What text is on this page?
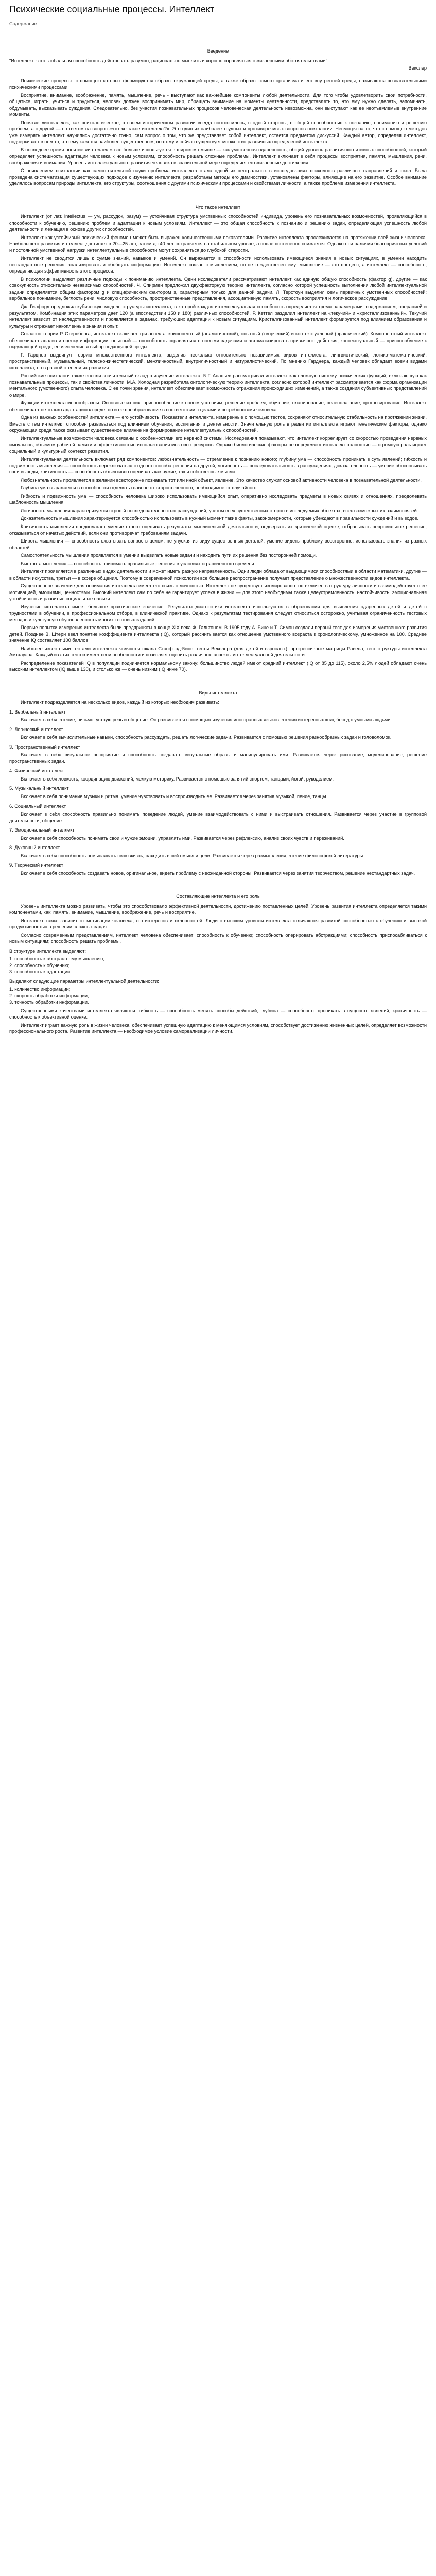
Психические социальные процессы. Интеллект
Содержание
Введение
"Интеллект - это глобальная способность действовать разумно, рационально мыслить и хорошо справляться с жизненными обстоятельствами".
Векслер

Психические процессы, с помощью которых формируются образы окружающей среды, а также образы самого организма и его внутренней среды, называются познавательными психическими процессами.

Восприятие, внимание, воображение, память, мышление, речь - выступают как важнейшие компоненты любой деятельности. Для того чтобы удовлетворить свои потребности, общаться, играть, учиться и трудиться, человек должен воспринимать мир, обращать внимание на моменты деятельности, представлять то, что ему нужно сделать, запоминать, обдумывать, высказывать суждения. Следовательно, без участия познавательных процессов человеческая деятельность невозможна, они выступают как ее неотъемлемые внутренние моменты.

Понятие «интеллект», как психологическое, в своем историческом развитии всегда соотносилось, с одной стороны, с общей способностью к познанию, пониманию и решению проблем, а с другой — с ответом на вопрос «что же такое интеллект?». Это один из наиболее трудных и противоречивых вопросов психологии. Несмотря на то, что с помощью методов уже измерять интеллект научились достаточно точно, сам вопрос о том, что же представляет собой интеллект, остается предметом дискуссий. Каждый автор, определяя интеллект, подчеркивает в нем то, что ему кажется наиболее существенным, поэтому и сейчас существует множество различных определений интеллекта.

В последнее время понятие «интеллект» все больше используется в широком смысле — как умственная одаренность, общий уровень развития когнитивных способностей, который определяет успешность адаптации человека к новым условиям, способность решать сложные проблемы. Интеллект включает в себя процессы восприятия, памяти, мышления, речи, воображения и внимания. Уровень интеллектуального развития человека в значительной мере определяет его жизненные достижения.

С появлением психологии как самостоятельной науки проблема интеллекта стала одной из центральных в исследованиях психологов различных направлений и школ. Была проведена систематизация существующих подходов к изучению интеллекта, разработаны методы его диагностики, установлены факторы, влияющие на его развитие. Особое внимание уделялось вопросам природы интеллекта, его структуры, соотношения с другими психическими процессами и свойствами личности, а также проблеме измерения интеллекта.

Что такое интеллект

Интеллект (от лат. intellectus — ум, рассудок, разум) — устойчивая структура умственных способностей индивида, уровень его познавательных возможностей, проявляющийся в способности к обучению, решению проблем и адаптации к новым условиям. Интеллект — это общая способность к познанию и решению задач, определяющая успешность любой деятельности и лежащая в основе других способностей.

Интеллект как устойчивый психический феномен может быть выражен количественными показателями. Развитие интеллекта прослеживается на протяжении всей жизни человека. Наибольшего развития интеллект достигает в 20—25 лет, затем до 40 лет сохраняется на стабильном уровне, а после постепенно снижается. Однако при наличии благоприятных условий и постоянной умственной нагрузки интеллектуальные способности могут сохраняться до глубокой старости.

Интеллект не сводится лишь к сумме знаний, навыков и умений. Он выражается в способности использовать имеющиеся знания в новых ситуациях, в умении находить нестандартные решения, анализировать и обобщать информацию. Интеллект связан с мышлением, но не тождественен ему: мышление — это процесс, а интеллект — способность, определяющая эффективность этого процесса.

В психологии выделяют различные подходы к пониманию интеллекта. Одни исследователи рассматривают интеллект как единую общую способность (фактор g), другие — как совокупность относительно независимых способностей. Ч. Спирмен предложил двухфакторную теорию интеллекта, согласно которой успешность выполнения любой интеллектуальной задачи определяется общим фактором g и специфическим фактором s, характерным только для данной задачи. Л. Терстоун выделил семь первичных умственных способностей: вербальное понимание, беглость речи, числовую способность, пространственные представления, ассоциативную память, скорость восприятия и логическое рассуждение.

Дж. Гилфорд предложил кубическую модель структуры интеллекта, в которой каждая интеллектуальная способность определяется тремя параметрами: содержанием, операцией и результатом. Комбинация этих параметров дает 120 (а впоследствии 150 и 180) различных способностей. Р. Кеттел разделил интеллект на «текучий» и «кристаллизованный». Текучий интеллект зависит от наследственности и проявляется в задачах, требующих адаптации к новым ситуациям. Кристаллизованный интеллект формируется под влиянием образования и культуры и отражает накопленные знания и опыт.

Согласно теории Р. Стернберга, интеллект включает три аспекта: компонентный (аналитический), опытный (творческий) и контекстуальный (практический). Компонентный интеллект обеспечивает анализ и оценку информации, опытный — способность справляться с новыми задачами и автоматизировать привычные действия, контекстуальный — приспособление к окружающей среде, ее изменение и выбор подходящей среды.

Г. Гарднер выдвинул теорию множественного интеллекта, выделив несколько относительно независимых видов интеллекта: лингвистический, логико-математический, пространственный, музыкальный, телесно-кинестетический, межличностный, внутриличностный и натуралистический. По мнению Гарднера, каждый человек обладает всеми видами интеллекта, но в разной степени их развития.

Российские психологи также внесли значительный вклад в изучение интеллекта. Б.Г. Ананьев рассматривал интеллект как сложную систему психических функций, включающую как познавательные процессы, так и свойства личности. М.А. Холодная разработала онтологическую теорию интеллекта, согласно которой интеллект рассматривается как форма организации ментального (умственного) опыта человека. С ее точки зрения, интеллект обеспечивает возможность отражения происходящих изменений, а также создания субъективных представлений о мире.

Функции интеллекта многообразны. Основные из них: приспособление к новым условиям, решение проблем, обучение, планирование, целеполагание, прогнозирование. Интеллект обеспечивает не только адаптацию к среде, но и ее преобразование в соответствии с целями и потребностями человека.

Одна из важных особенностей интеллекта — его устойчивость. Показатели интеллекта, измеренные с помощью тестов, сохраняют относительную стабильность на протяжении жизни. Вместе с тем интеллект способен развиваться под влиянием обучения, воспитания и деятельности. Значительную роль в развитии интеллекта играют генетические факторы, однако окружающая среда также оказывает существенное влияние на формирование интеллектуальных способностей.

Интеллектуальные возможности человека связаны с особенностями его нервной системы. Исследования показывают, что интеллект коррелирует со скоростью проведения нервных импульсов, объемом рабочей памяти и эффективностью использования мозговых ресурсов. Однако биологические факторы не определяют интеллект полностью — огромную роль играет социальный и культурный контекст развития.

Интеллектуальная деятельность включает ряд компонентов: любознательность — стремление к познанию нового; глубину ума — способность проникать в суть явлений; гибкость и подвижность мышления — способность переключаться с одного способа решения на другой; логичность — последовательность в рассуждениях; доказательность — умение обосновывать свои выводы; критичность — способность объективно оценивать как чужие, так и собственные мысли.

Любознательность проявляется в желании всесторонне познавать тот или иной объект, явление. Это качество служит основой активности человека в познавательной деятельности.

Глубина ума выражается в способности отделять главное от второстепенного, необходимое от случайного.

Гибкость и подвижность ума — способность человека широко использовать имеющийся опыт, оперативно исследовать предметы в новых связях и отношениях, преодолевать шаблонность мышления.

Логичность мышления характеризуется строгой последовательностью рассуждений, учетом всех существенных сторон в исследуемых объектах, всех возможных их взаимосвязей.

Доказательность мышления характеризуется способностью использовать в нужный момент такие факты, закономерности, которые убеждают в правильности суждений и выводов.

Критичность мышления предполагает умение строго оценивать результаты мыслительной деятельности, подвергать их критической оценке, отбрасывать неправильное решение, отказываться от начатых действий, если они противоречат требованиям задачи.

Широта мышления — способность охватывать вопрос в целом, не упуская из виду существенных деталей, умение видеть проблему всесторонне, использовать знания из разных областей.

Самостоятельность мышления проявляется в умении выдвигать новые задачи и находить пути их решения без посторонней помощи.

Быстрота мышления — способность принимать правильные решения в условиях ограниченного времени.

Интеллект проявляется в различных видах деятельности и может иметь разную направленность. Одни люди обладают выдающимися способностями в области математики, другие — в области искусства, третьи — в сфере общения. Поэтому в современной психологии все большее распространение получает представление о множественности видов интеллекта.

Существенное значение для понимания интеллекта имеет его связь с личностью. Интеллект не существует изолированно: он включен в структуру личности и взаимодействует с ее мотивацией, эмоциями, ценностями. Высокий интеллект сам по себе не гарантирует успеха в жизни — для этого необходимы также целеустремленность, настойчивость, эмоциональная устойчивость и развитые социальные навыки.

Изучение интеллекта имеет большое практическое значение. Результаты диагностики интеллекта используются в образовании для выявления одаренных детей и детей с трудностями в обучении, в профессиональном отборе, в клинической практике. Однако к результатам тестирования следует относиться осторожно, учитывая ограниченность тестовых методов и культурную обусловленность многих тестовых заданий.

Первые попытки измерения интеллекта были предприняты в конце XIX века Ф. Гальтоном. В 1905 году А. Бине и Т. Симон создали первый тест для измерения умственного развития детей. Позднее В. Штерн ввел понятие коэффициента интеллекта (IQ), который рассчитывается как отношение умственного возраста к хронологическому, умноженное на 100. Среднее значение IQ составляет 100 баллов.

Наиболее известными тестами интеллекта являются шкала Стэнфорд-Бине, тесты Векслера (для детей и взрослых), прогрессивные матрицы Равена, тест структуры интеллекта Амтхауэра. Каждый из этих тестов имеет свои особенности и позволяет оценить различные аспекты интеллектуальной деятельности.

Распределение показателей IQ в популяции подчиняется нормальному закону: большинство людей имеют средний интеллект (IQ от 85 до 115), около 2,5% людей обладают очень высоким интеллектом (IQ выше 130), и столько же — очень низким (IQ ниже 70).

Виды интеллекта

Интеллект подразделяется на несколько видов, каждый из которых необходим развивать:

1. Вербальный интеллект

Включает в себя: чтение, письмо, устную речь и общение. Он развивается с помощью изучения иностранных языков, чтения интересных книг, бесед с умными людьми.

2. Логический интеллект

Включает в себя вычислительные навыки, способность рассуждать, решать логические задачи. Развивается с помощью решения разнообразных задач и головоломок.

3. Пространственный интеллект

Включает в себя визуальное восприятие и способность создавать визуальные образы и манипулировать ими. Развивается через рисование, моделирование, решение пространственных задач.

4. Физический интеллект

Включает в себя ловкость, координацию движений, мелкую моторику. Развивается с помощью занятий спортом, танцами, йогой, рукоделием.

5. Музыкальный интеллект

Включает в себя понимание музыки и ритма, умение чувствовать и воспроизводить ее. Развивается через занятия музыкой, пение, танцы.

6. Социальный интеллект

Включает в себя способность правильно понимать поведение людей, умение взаимодействовать с ними и выстраивать отношения. Развивается через участие в групповой деятельности, общение.

7. Эмоциональный интеллект

Включает в себя способность понимать свои и чужие эмоции, управлять ими. Развивается через рефлексию, анализ своих чувств и переживаний.

8. Духовный интеллект

Включает в себя способность осмысливать свою жизнь, находить в ней смысл и цели. Развивается через размышления, чтение философской литературы.

9. Творческий интеллект

Включает в себя способность создавать новое, оригинальное, видеть проблему с неожиданной стороны. Развивается через занятия творчеством, решение нестандартных задач.

Составляющие интеллекта и его роль

Уровень интеллекта можно развивать, чтобы это способствовало эффективной деятельности, достижению поставленных целей. Уровень развития интеллекта определяется такими компонентами, как: память, внимание, мышление, воображение, речь и восприятие.

Интеллект также зависит от мотивации человека, его интересов и склонностей. Люди с высоким уровнем интеллекта отличаются развитой способностью к обучению и высокой продуктивностью в решении сложных задач.

Согласно современным представлениям, интеллект человека обеспечивает: способность к обучению; способность оперировать абстракциями; способность приспосабливаться к новым ситуациям; способность решать проблемы.

В структуре интеллекта выделяют:

1. способность к абстрактному мышлению;
2. способность к обучению;
3. способность к адаптации.

Выделяют следующие параметры интеллектуальной деятельности:

1. количество информации;
2. скорость обработки информации;
3. точность обработки информации.

Существенными качествами интеллекта являются: гибкость — способность менять способы действий; глубина — способность проникать в сущность явлений; критичность — способность к объективной оценке.

Интеллект играет важную роль в жизни человека: обеспечивает успешную адаптацию к меняющимся условиям, способствует достижению жизненных целей, определяет возможности профессионального роста. Развитие интеллекта — необходимое условие самореализации личности.
